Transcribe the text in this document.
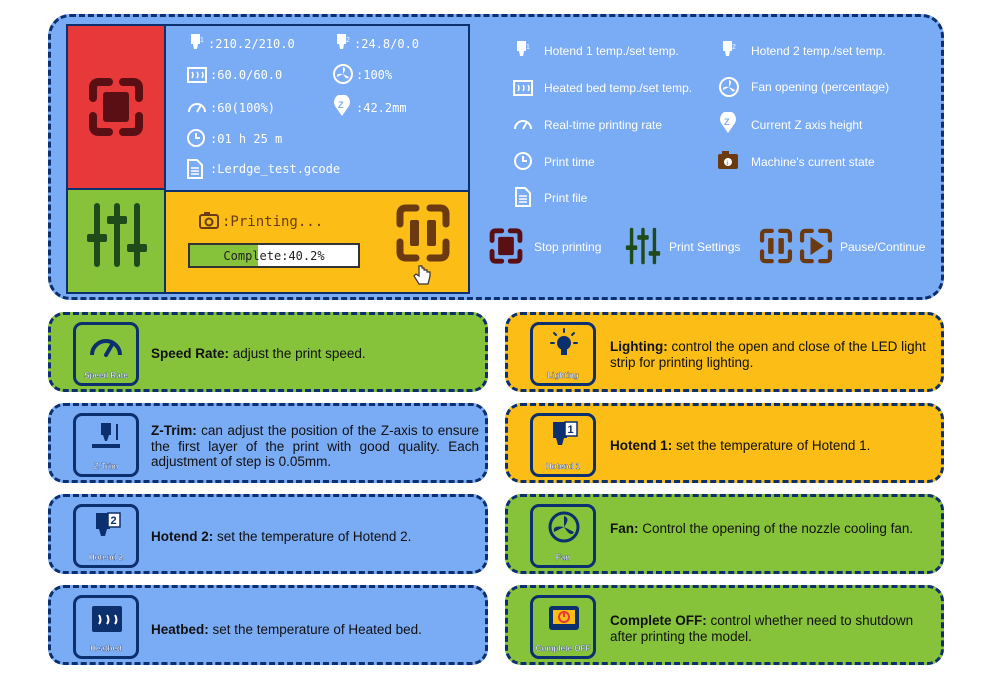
1 :210.2/210.0	2 :24.8/0.0
:60.0/60.0	:100%
:60(100%)	Z :42.2mm
:01 h 25 m
:Lerdge_test.gcode
:Printing...
Complete:40.2%
1 Hotend 1 temp./set temp.	2 Hotend 2 temp./set temp.
Heated bed temp./set temp.	Fan opening (percentage)
Real-time printing rate	Z Current Z axis height
Print time	i Machine's current state
Print file
Stop printing	Print Settings	Pause/Continue
Speed Rate
Speed Rate: adjust the print speed.
Z-Trim
Z-Trim: can adjust the position of the Z-axis to ensure the first layer of the print with good quality. Each adjustment of step is 0.05mm.
2
Hotend 2
Hotend 2: set the temperature of Hotend 2.
Heatbed
Heatbed: set the temperature of Heated bed.
Lighting
Lighting: control the open and close of the LED light strip for printing lighting.
1
Hotend 1
Hotend 1: set the temperature of Hotend 1.
Fan
Fan: Control the opening of the nozzle cooling fan.
Complete OFF
Complete OFF: control whether need to shutdown after printing the model.
